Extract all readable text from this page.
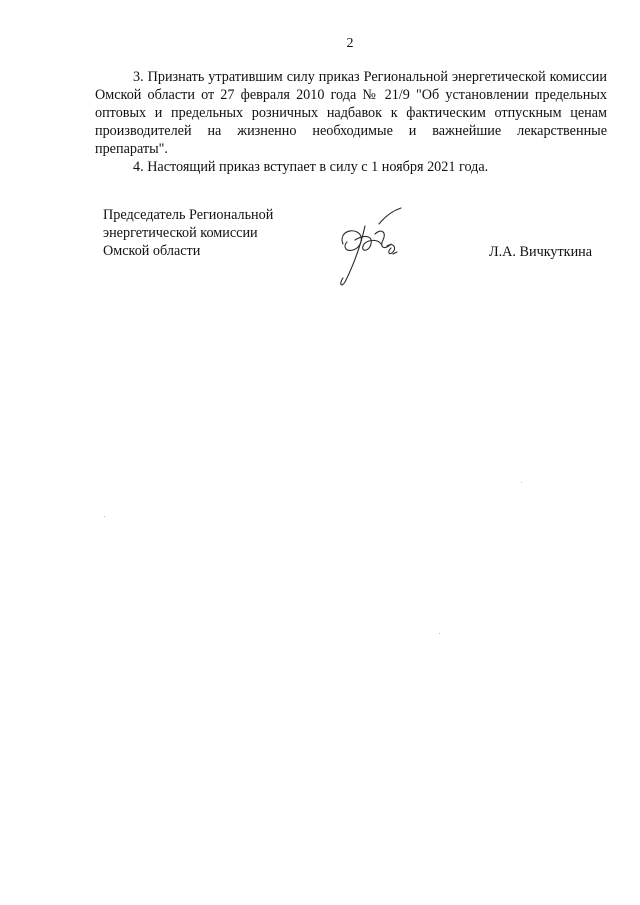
2

3. Признать утратившим силу приказ Региональной энергетической комиссии Омской области от 27 февраля 2010 года № 21/9 "Об установлении предельных оптовых и предельных розничных надбавок к фактическим отпускным ценам производителей на жизненно необходимые и важнейшие лекарственные препараты".

4. Настоящий приказ вступает в силу с 1 ноября 2021 года.

Председатель Региональной
энергетической комиссии
Омской области	Л.А. Вичкуткина
